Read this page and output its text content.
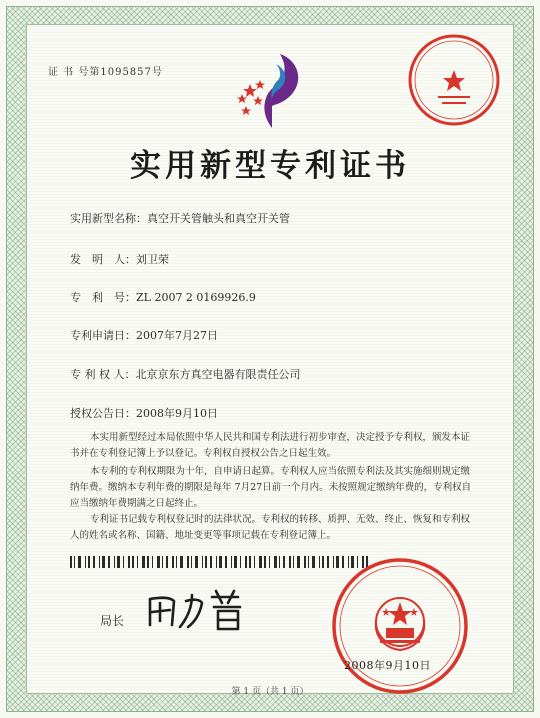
证 书 号第1095857号
实用新型专利证书
实用新型名称：真空开关管触头和真空开关管
发　明　人：刘卫荣
专　利　号：ZL 2007 2 0169926.9
专利申请日：2007年7月27日
专 利 权 人：北京京东方真空电器有限责任公司
授权公告日：2008年9月10日
本实用新型经过本局依照中华人民共和国专利法进行初步审查，决定授予专利权，颁发本证书并在专利登记簿上予以登记。专利权自授权公告之日起生效。
本专利的专利权期限为十年，自申请日起算。专利权人应当依照专利法及其实施细则规定缴纳年费。缴纳本专利年费的期限是每年 7月27日前一个月内。未按照规定缴纳年费的，专利权自应当缴纳年费期满之日起终止。
专利证书记载专利权登记时的法律状况。专利权的转移、质押、无效、终止、恢复和专利权人的姓名或名称、国籍、地址变更等事项记载在专利登记簿上。
局长
2008年9月10日
第 1 页（共 1 页）
